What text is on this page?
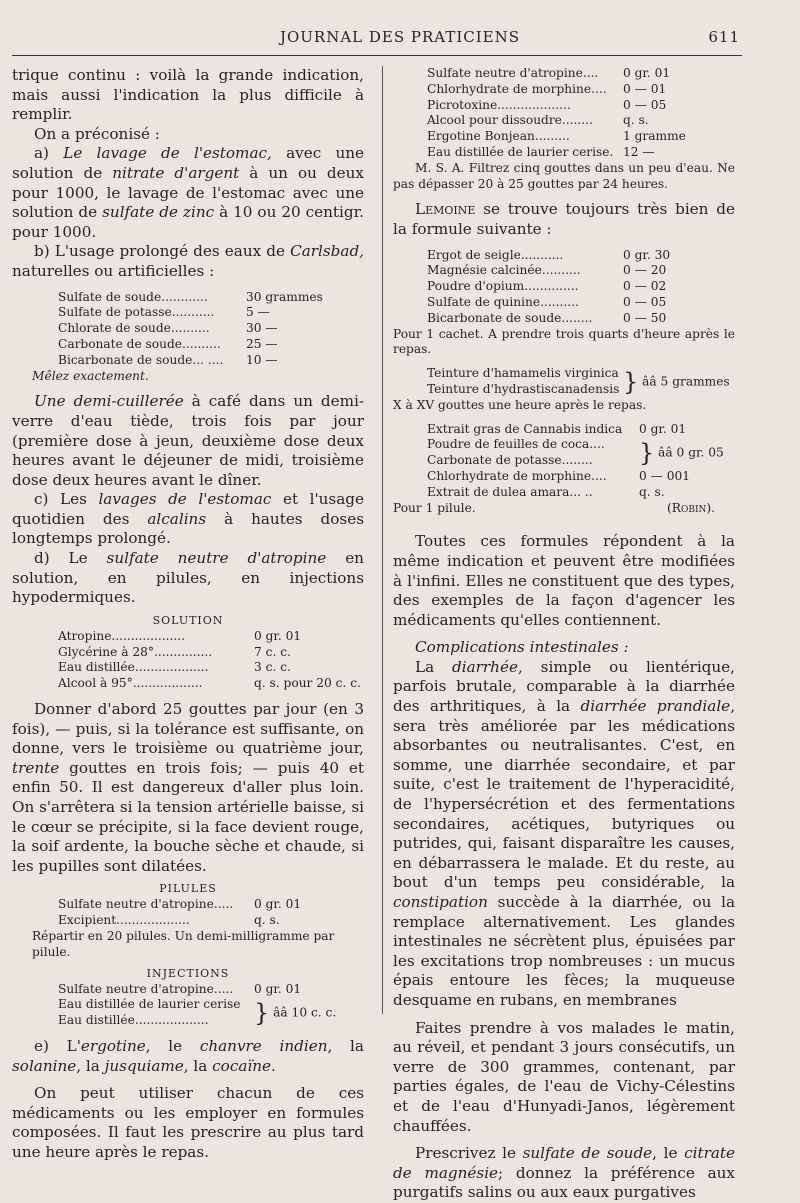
JOURNAL DES PRATICIENS	611

trique continu : voilà la grande indication, mais aussi l'indication la plus difficile à remplir.

On a préconisé :

a) Le lavage de l'estomac, avec une solution de nitrate d'argent à un ou deux pour 1000, le lavage de l'estomac avec une solution de sulfate de zinc à 10 ou 20 centigr. pour 1000.

b) L'usage prolongé des eaux de Carlsbad, naturelles ou artificielles :

Sulfate de soude............	30 grammes
Sulfate de potasse...........	5 —
Chlorate de soude..........	30 —
Carbonate de soude..........	25 —
Bicarbonate de soude... ....	10 —
Mêlez exactement.

Une demi-cuillerée à café dans un demi-verre d'eau tiède, trois fois par jour (première dose à jeun, deuxième dose deux heures avant le déjeuner de midi, troisième dose deux heures avant le dîner.

c) Les lavages de l'estomac et l'usage quotidien des alcalins à hautes doses longtemps prolongé.

d) Le sulfate neutre d'atropine en solution, en pilules, en injections hypodermiques.

SOLUTION
Atropine...................	0 gr. 01
Glycérine à 28°...............	7 c. c.
Eau distillée...................	3 c. c.
Alcool à 95°..................	q. s. pour 20 c. c.

Donner d'abord 25 gouttes par jour (en 3 fois), — puis, si la tolérance est suffisante, on donne, vers le troisième ou quatrième jour, trente gouttes en trois fois; — puis 40 et enfin 50. Il est dangereux d'aller plus loin. On s'arrêtera si la tension artérielle baisse, si le cœur se précipite, si la face devient rouge, la soif ardente, la bouche sèche et chaude, si les pupilles sont dilatées.

PILULES
Sulfate neutre d'atropine.....	0 gr. 01
Excipient...................	q. s.
Répartir en 20 pilules. Un demi-milligramme par pilule.
INJECTIONS
Sulfate neutre d'atropine.....	0 gr. 01
Eau distillée de laurier cerise	} ââ 10 c. c.
Eau distillée...................	

e) L'ergotine, le chanvre indien, la solanine, la jusquiame, la cocaïne.

On peut utiliser chacun de ces médicaments ou les employer en formules composées. Il faut les prescrire au plus tard une heure après le repas.

Sulfate neutre d'atropine....	0 gr. 01
Chlorhydrate de morphine....	0 — 01
Picrotoxine...................	0 — 05
Alcool pour dissoudre........	q. s.
Ergotine Bonjean.........	1 gramme
Eau distillée de laurier cerise.	12 —

M. S. A. Filtrez cinq gouttes dans un peu d'eau. Ne pas dépasser 20 à 25 gouttes par 24 heures.

Lemoine se trouve toujours très bien de la formule suivante :

Ergot de seigle...........	0 gr. 30
Magnésie calcinée..........	0 — 20
Poudre d'opium..............	0 — 02
Sulfate de quinine..........	0 — 05
Bicarbonate de soude........	0 — 50

Pour 1 cachet. A prendre trois quarts d'heure après le repas.

Teinture d'hamamelis virginica	} ââ 5 grammes
Teinture d'hydrastiscanadensis

X à XV gouttes une heure après le repas.

Extrait gras de Cannabis indica	0 gr. 01
Poudre de feuilles de coca....	} ââ 0 gr. 05
Carbonate de potasse........	
Chlorhydrate de morphine....	0 — 001
Extrait de dulea amara... ..	q. s.
Pour 1 pilule.	(Robin).

Toutes ces formules répondent à la même indication et peuvent être modifiées à l'infini. Elles ne constituent que des types, des exemples de la façon d'agencer les médicaments qu'elles contiennent.

Complications intestinales :

La diarrhée, simple ou lientérique, parfois brutale, comparable à la diarrhée des arthritiques, à la diarrhée prandiale, sera très améliorée par les médications absorbantes ou neutralisantes. C'est, en somme, une diarrhée secondaire, et par suite, c'est le traitement de l'hyperacidité, de l'hypersécrétion et des fermentations secondaires, acétiques, butyriques ou putrides, qui, faisant disparaître les causes, en débarrassera le malade. Et du reste, au bout d'un temps peu considérable, la constipation succède à la diarrhée, ou la remplace alternativement. Les glandes intestinales ne sécrètent plus, épuisées par les excitations trop nombreuses : un mucus épais entoure les fèces; la muqueuse desquame en rubans, en membranes

Faites prendre à vos malades le matin, au réveil, et pendant 3 jours consécutifs, un verre de 300 grammes, contenant, par parties égales, de l'eau de Vichy-Célestins et de l'eau d'Hunyadi-Janos, légèrement chauffées.

Prescrivez le sulfate de soude, le citrate de magnésie; donnez la préférence aux purgatifs salins ou aux eaux purgatives
